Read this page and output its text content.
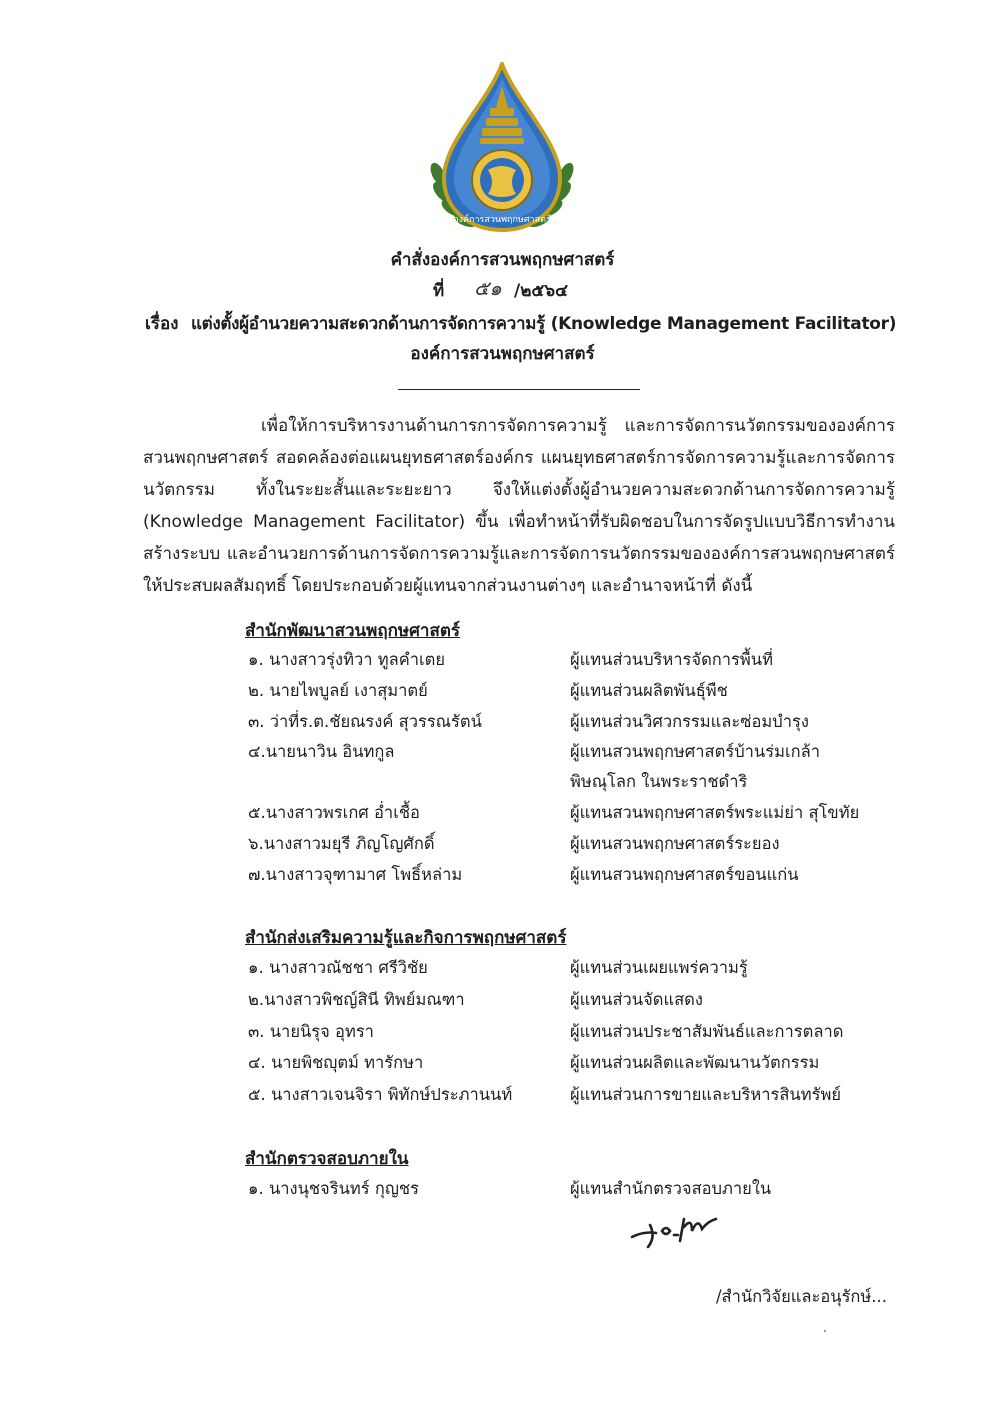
องค์การสวนพฤกษศาสตร์
คำสั่งองค์การสวนพฤกษศาสตร์
ที่ ๕๑ /๒๕๖๔
เรื่อง แต่งตั้งผู้อำนวยความสะดวกด้านการจัดการความรู้ (Knowledge Management Facilitator)
องค์การสวนพฤกษศาสตร์
เพื่อให้การบริหารงานด้านการการจัดการความรู้ และการจัดการนวัตกรรมขององค์การ
สวนพฤกษศาสตร์ สอดคล้องต่อแผนยุทธศาสตร์องค์กร แผนยุทธศาสตร์การจัดการความรู้และการจัดการ
นวัตกรรม ทั้งในระยะสั้นและระยะยาว จึงให้แต่งตั้งผู้อำนวยความสะดวกด้านการจัดการความรู้
(Knowledge Management Facilitator) ขึ้น เพื่อทำหน้าที่รับผิดชอบในการจัดรูปแบบวิธีการทำงาน
สร้างระบบ และอำนวยการด้านการจัดการความรู้และการจัดการนวัตกรรมขององค์การสวนพฤกษศาสตร์
ให้ประสบผลสัมฤทธิ์ โดยประกอบด้วยผู้แทนจากส่วนงานต่างๆ และอำนาจหน้าที่ ดังนี้
สำนักพัฒนาสวนพฤกษศาสตร์
๑. นางสาวรุ่งทิวา ทูลคำเตย	ผู้แทนส่วนบริหารจัดการพื้นที่
๒. นายไพบูลย์ เงาสุมาตย์	ผู้แทนส่วนผลิตพันธุ์พืช
๓. ว่าที่ร.ต.ชัยณรงค์ สุวรรณรัตน์	ผู้แทนส่วนวิศวกรรมและซ่อมบำรุง
๔.นายนาวิน อินทกูล	ผู้แทนสวนพฤกษศาสตร์บ้านร่มเกล้า
พิษณุโลก ในพระราชดำริ
๕.นางสาวพรเกศ อ่ำเชื้อ	ผู้แทนสวนพฤกษศาสตร์พระแม่ย่า สุโขทัย
๖.นางสาวมยุรี ภิญโญศักดิ์	ผู้แทนสวนพฤกษศาสตร์ระยอง
๗.นางสาวจุฑามาศ โพธิ์หล่าม	ผู้แทนสวนพฤกษศาสตร์ขอนแก่น
สำนักส่งเสริมความรู้และกิจการพฤกษศาสตร์
๑. นางสาวณัชชา ศรีวิชัย	ผู้แทนส่วนเผยแพร่ความรู้
๒.นางสาวพิชญ์สินี ทิพย์มณฑา	ผู้แทนส่วนจัดแสดง
๓. นายนิรุจ อุทรา	ผู้แทนส่วนประชาสัมพันธ์และการตลาด
๔. นายพิชญุตม์ ทารักษา	ผู้แทนส่วนผลิตและพัฒนานวัตกรรม
๕. นางสาวเจนจิรา พิทักษ์ประภานนท์	ผู้แทนส่วนการขายและบริหารสินทรัพย์
สำนักตรวจสอบภายใน
๑. นางนุชจรินทร์ กุญชร	ผู้แทนสำนักตรวจสอบภายใน
/สำนักวิจัยและอนุรักษ์...
